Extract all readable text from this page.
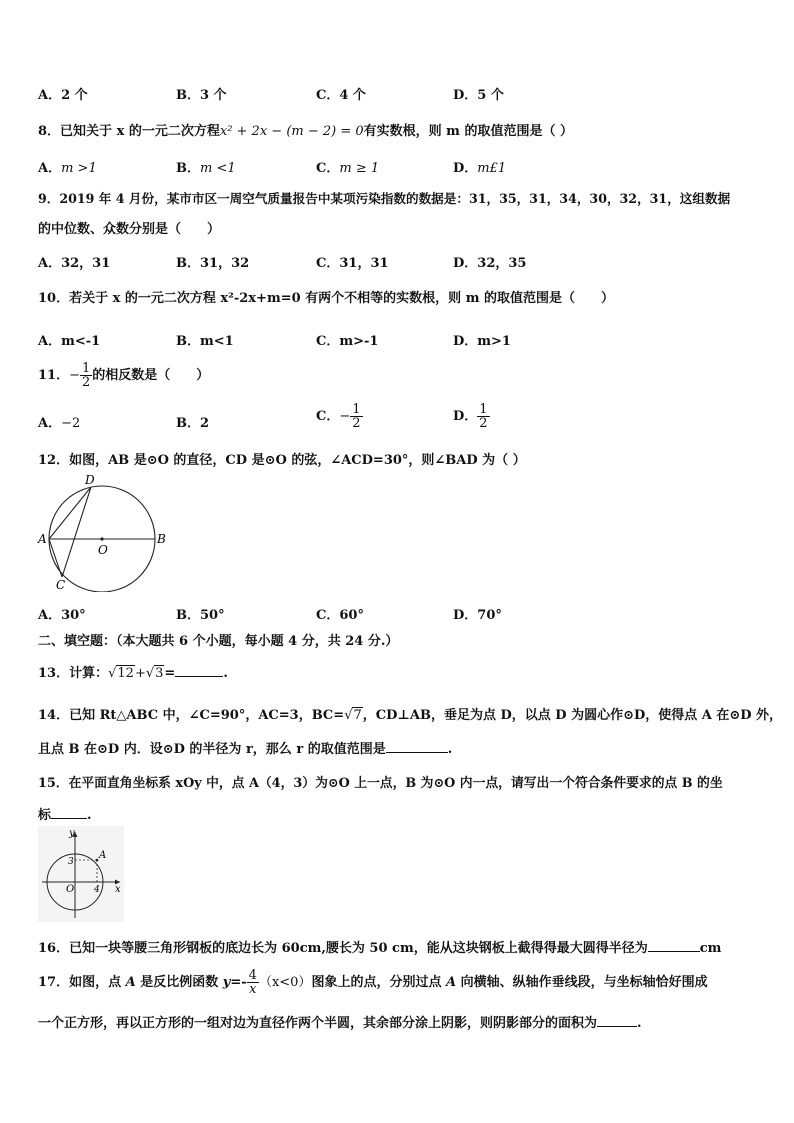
A．2 个	B．3 个	C．4 个	D．5 个
8．已知关于 x 的一元二次方程x² + 2x − (m − 2) = 0有实数根，则 m 的取值范围是（ ）
A．m >1	B．m <1	C．m ≥ 1	D．m£1
9．2019 年 4 月份，某市市区一周空气质量报告中某项污染指数的数据是：31，35，31，34，30，32，31，这组数据
的中位数、众数分别是（　　）
A．32，31	B．31，32	C．31，31	D．32，35
10．若关于 x 的一元二次方程 x²-2x+m=0 有两个不相等的实数根，则 m 的取值范围是（　　）
A．m<-1	B．m<1	C．m>-1	D．m>1
11．− $\frac{1}{2}$ 的相反数是（　　）
A．−2	B．2	C．− $\frac{1}{2}$	D． $\frac{1}{2}$
12．如图，AB 是⊙O 的直径，CD 是⊙O 的弦，∠ACD=30°，则∠BAD 为（ ）
A	B
C
D
O
A．30°	B．50°	C．60°	D．70°
二、填空题：（本大题共 6 个小题，每小题 4 分，共 24 分.）
13．计算：√12+√3=	.
14．已知 Rt△ABC 中，∠C=90°，AC=3，BC=√7，CD⊥AB，垂足为点 D，以点 D 为圆心作⊙D，使得点 A 在⊙D 外，
且点 B 在⊙D 内．设⊙D 的半径为 r，那么 r 的取值范围是	.
15．在平面直角坐标系 xOy 中，点 A（4，3）为⊙O 上一点，B 为⊙O 内一点，请写出一个符合条件要求的点 B 的坐
标	.
y
x
O
A
3
4
16．已知一块等腰三角形钢板的底边长为 60cm,腰长为 50 cm，能从这块钢板上截得得最大圆得半径为	cm
17．如图，点 A 是反比例函数 $y=- \frac{4}{x} (x<0)$图象上的点，分别过点 A 向横轴、纵轴作垂线段，与坐标轴恰好围成
一个正方形，再以正方形的一组对边为直径作两个半圆，其余部分涂上阴影，则阴影部分的面积为	.
